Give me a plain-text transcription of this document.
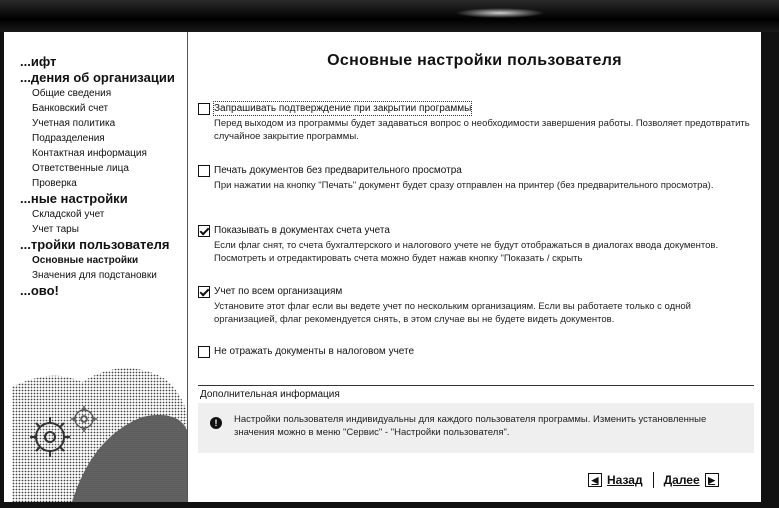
...ифт
...дения об организации
Общие сведения
Банковский счет
Учетная политика
Подразделения
Контактная информация
Ответственные лица
Проверка
...ные настройки
Складской учет
Учет тары
...тройки пользователя
Основные настройки
Значения для подстановки
...ово!
Основные настройки пользователя
Запрашивать подтверждение при закрытии программы
Перед выходом из программы будет задаваться вопрос о необходимости завершения работы. Позволяет предотвратить случайное закрытие программы.
Печать документов без предварительного просмотра
При нажатии на кнопку "Печать" документ будет сразу отправлен на принтер (без предварительного просмотра).
Показывать в документах счета учета
Если флаг снят, то счета бухгалтерского и налогового учете не будут отображаться в диалогах ввода документов. Посмотреть и отредактировать счета можно будет нажав кнопку "Показать / скрыть
Учет по всем организациям
Установите этот флаг если вы ведете учет по нескольким организациям. Если вы работаете только с одной организацией, флаг рекомендуется снять, в этом случае вы не будете видеть документов.
Не отражать документы в налоговом учете
Дополнительная информация
!	Настройки пользователя индивидуальны для каждого пользователя программы. Изменить установленные значения можно в меню "Сервис" - "Настройки пользователя".
◀ Назад Далее ▶
